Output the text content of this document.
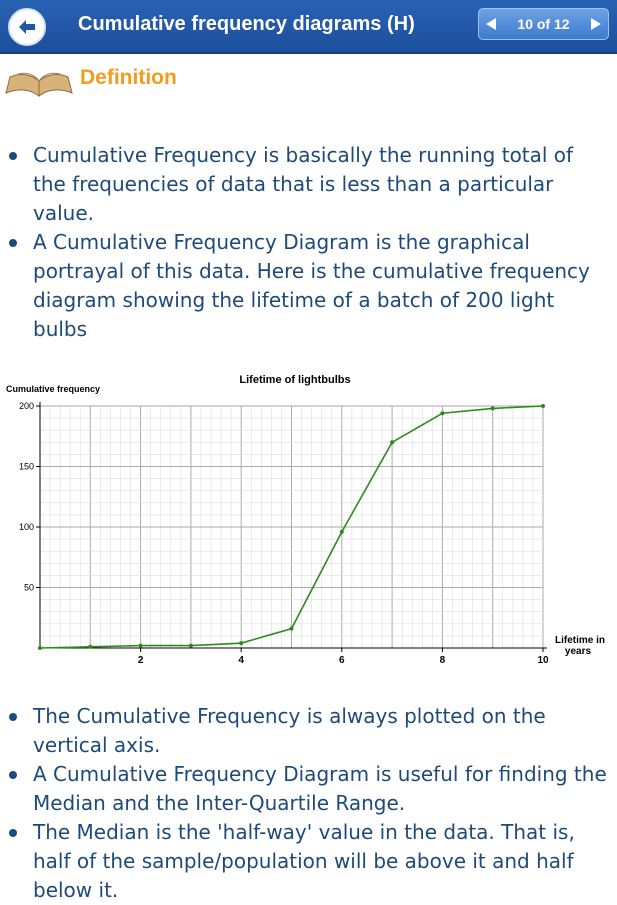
Cumulative frequency diagrams (H)	10 of 12
Definition
Cumulative Frequency is basically the running total of the frequencies of data that is less than a particular value.
A Cumulative Frequency Diagram is the graphical portrayal of this data. Here is the cumulative frequency diagram showing the lifetime of a batch of 200 light bulbs
50
100
150
200
2	4	6	8	10
Lifetime of lightbulbs
Cumulative frequency
Lifetime in
years
The Cumulative Frequency is always plotted on the vertical axis.
A Cumulative Frequency Diagram is useful for finding the Median and the Inter-Quartile Range.
The Median is the 'half-way' value in the data. That is, half of the sample/population will be above it and half below it.
